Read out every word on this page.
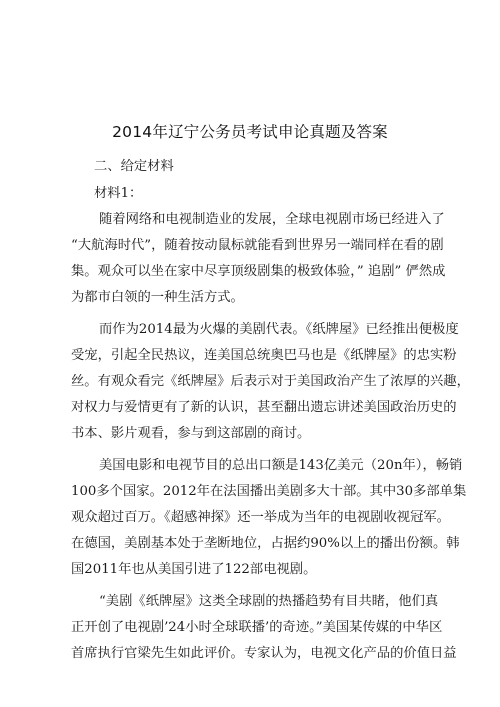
2014年辽宁公务员考试申论真题及答案
二、给定材料
材料1：
随着网络和电视制造业的发展，全球电视剧市场已经进入了
“大航海时代”，随着按动鼠标就能看到世界另一端同样在看的剧
集。观众可以坐在家中尽享顶级剧集的极致体验，” 追剧” 俨然成
为都市白领的一种生活方式。
而作为2014最为火爆的美剧代表。《纸牌屋》已经推出便极度
受宠，引起全民热议，连美国总统奥巴马也是《纸牌屋》的忠实粉
丝。有观众看完《纸牌屋》后表示对于美国政治产生了浓厚的兴趣，
对权力与爱情更有了新的认识，甚至翻出遗忘讲述美国政治历史的
书本、影片观看，参与到这部剧的商讨。
美国电影和电视节目的总出口额是143亿美元（20n年），畅销
100多个国家。2012年在法国播出美剧多大十部。其中30多部单集
观众超过百万。《超感神探》还一举成为当年的电视剧收视冠军。
在德国，美剧基本处于垄断地位，占据约90%以上的播出份额。韩
国2011年也从美国引进了122部电视剧。
“美剧《纸牌屋》这类全球剧的热播趋势有目共睹，他们真
正开创了电视剧’24小时全球联播’的奇迹。”美国某传媒的中华区
首席执行官梁先生如此评价。专家认为，电视文化产品的价值日益
